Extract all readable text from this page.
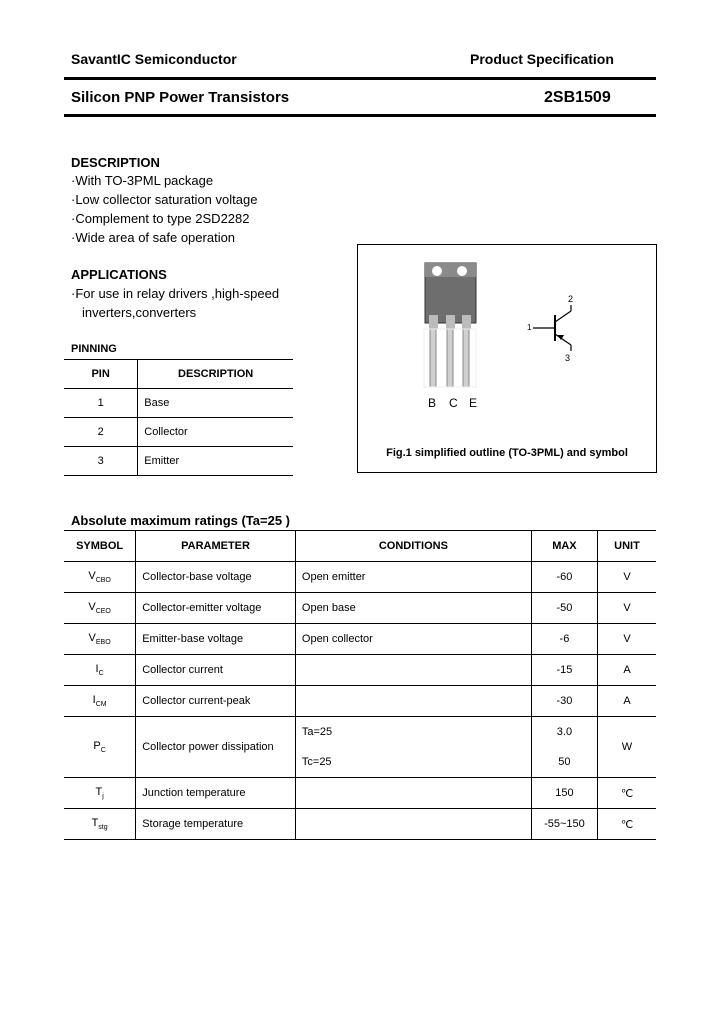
SavantIC Semiconductor	Product Specification
Silicon PNP Power Transistors	2SB1509
DESCRIPTION
·With TO-3PML package
·Low collector saturation voltage
·Complement to type 2SD2282
·Wide area of safe operation
APPLICATIONS
·For use in relay drivers ,high-speed
inverters,converters
PINNING
PIN	DESCRIPTION
1	Base
2	Collector
3	Emitter
1
2
3
B C E
Fig.1 simplified outline (TO-3PML) and symbol
Absolute maximum ratings (Ta=25 )
SYMBOL	PARAMETER	CONDITIONS	MAX	UNIT
$V_{CBO}$	Collector-base voltage	Open emitter	-60	V
$V_{CEO}$	Collector-emitter voltage	Open base	-50	V
$V_{EBO}$	Emitter-base voltage	Open collector	-6	V
$I_C$	Collector current		-15	A
$I_{CM}$	Collector current-peak		-30	A
$P_C$	Collector power dissipation	Ta=25	3.0	W
		Tc=25	50	
$T_j$	Junction temperature		150	℃
$T_{stg}$	Storage temperature		-55~150	℃
